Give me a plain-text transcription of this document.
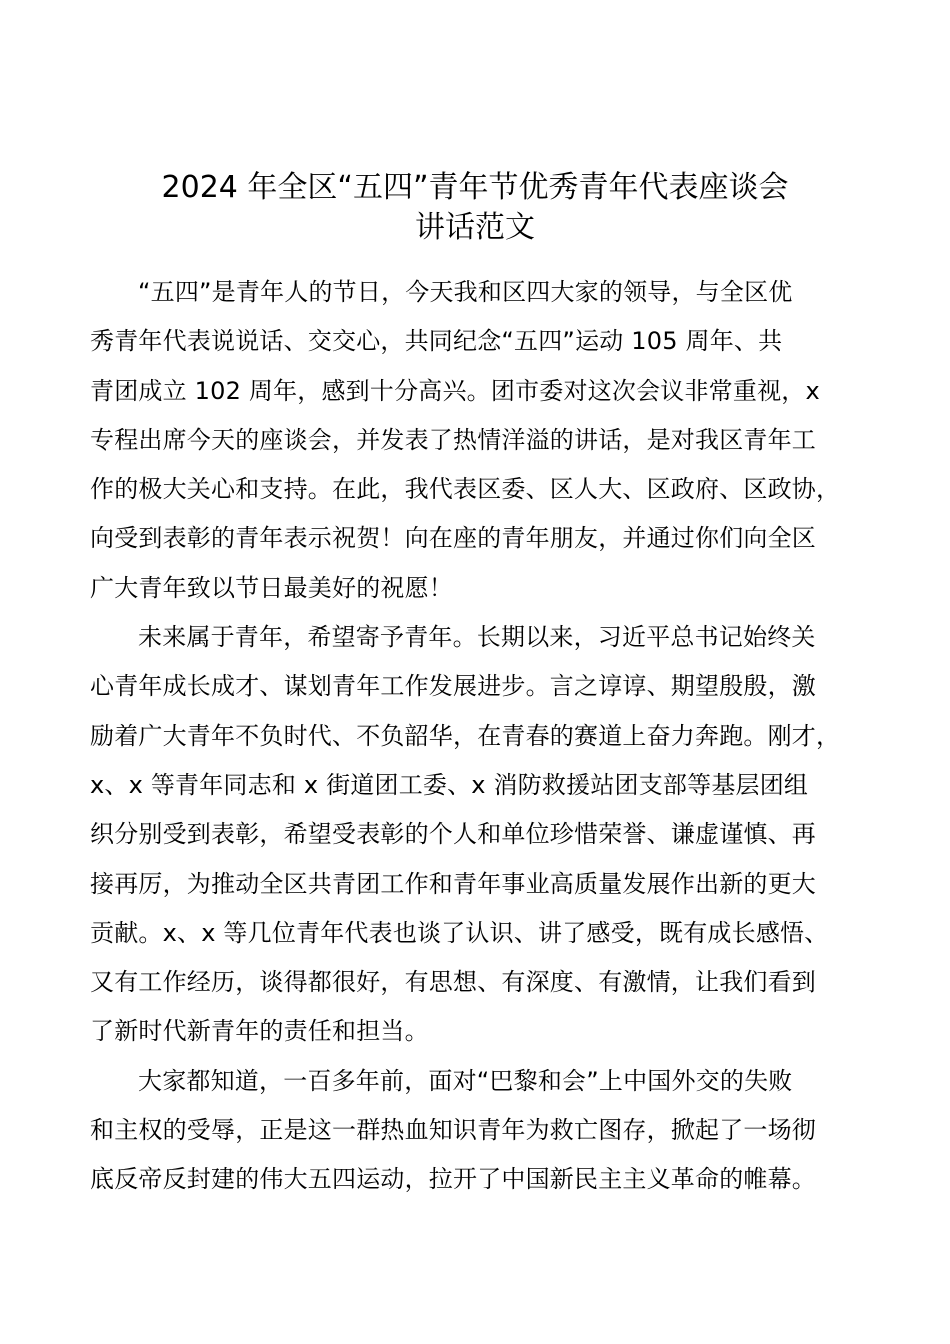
2024 年全区“五四”青年节优秀青年代表座谈会
讲话范文
“五四”是青年人的节日，今天我和区四大家的领导，与全区优
秀青年代表说说话、交交心，共同纪念“五四”运动 105 周年、共
青团成立 102 周年，感到十分高兴。团市委对这次会议非常重视，x
专程出席今天的座谈会，并发表了热情洋溢的讲话，是对我区青年工
作的极大关心和支持。在此，我代表区委、区人大、区政府、区政协，
向受到表彰的青年表示祝贺！向在座的青年朋友，并通过你们向全区
广大青年致以节日最美好的祝愿！
未来属于青年，希望寄予青年。长期以来，习近平总书记始终关
心青年成长成才、谋划青年工作发展进步。言之谆谆、期望殷殷，激
励着广大青年不负时代、不负韶华，在青春的赛道上奋力奔跑。刚才，
x、x 等青年同志和 x 街道团工委、x 消防救援站团支部等基层团组
织分别受到表彰，希望受表彰的个人和单位珍惜荣誉、谦虚谨慎、再
接再厉，为推动全区共青团工作和青年事业高质量发展作出新的更大
贡献。x、x 等几位青年代表也谈了认识、讲了感受，既有成长感悟、
又有工作经历，谈得都很好，有思想、有深度、有激情，让我们看到
了新时代新青年的责任和担当。
大家都知道，一百多年前，面对“巴黎和会”上中国外交的失败
和主权的受辱，正是这一群热血知识青年为救亡图存，掀起了一场彻
底反帝反封建的伟大五四运动，拉开了中国新民主主义革命的帷幕。
